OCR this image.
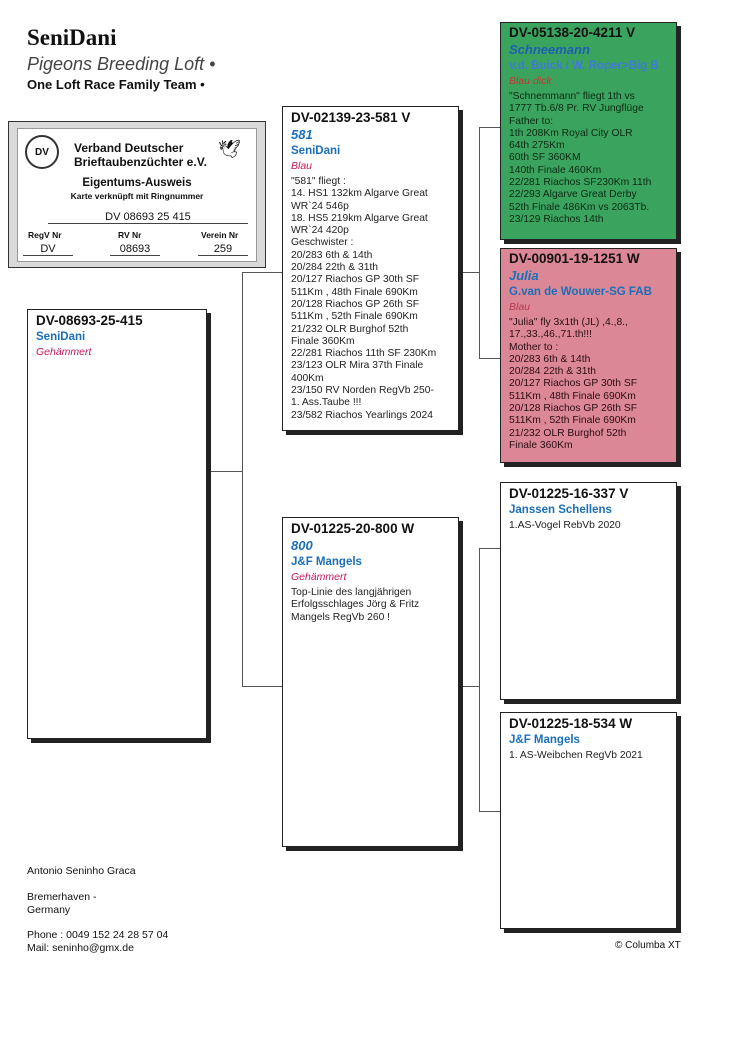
SeniDani
Pigeons Breeding Loft •
One Loft Race Family Team •
DV	🕊
Verband Deutscher
Brieftaubenzüchter e.V.
Eigentums-Ausweis
Karte verknüpft mit Ringnummer
DV 08693 25 415
RegV Nr	RV Nr	Verein Nr
DV	08693	259
DV-08693-25-415
SeniDani
Gehämmert
DV-02139-23-581 V
581
SeniDani
Blau
"581" fliegt :
14. HS1 132km Algarve Great
WR`24 546p
18. HS5 219km Algarve Great
WR`24 420p
Geschwister :
20/283 6th & 14th
20/284 22th & 31th
20/127 Riachos GP 30th SF
511Km , 48th Finale 690Km
20/128 Riachos GP 26th SF
511Km , 52th Finale 690Km
21/232 OLR Burghof 52th
Finale 360Km
22/281 Riachos 11th SF 230Km
23/123 OLR Mira 37th Finale
400Km
23/150 RV Norden RegVb 250-
1. Ass.Taube !!!
23/582 Riachos Yearlings 2024
DV-01225-20-800 W
800
J&F Mangels
Gehämmert
Top-Linie des langjährigen
Erfolgsschlages Jörg & Fritz
Mangels RegVb 260 !
DV-05138-20-4211 V
Schneemann
v.d. Buick / W. Röper>Big B
Blau dick
"Schnemmann" fliegt 1th vs
1777 Tb.6/8 Pr. RV Jungflüge
Father to:
1th 208Km Royal City OLR
64th 275Km
60th SF 360KM
140th Finale 460Km
22/281 Riachos SF230Km 11th
22/293 Algarve Great Derby
52th Finale 486Km vs 2063Tb.
23/129 Riachos 14th
DV-00901-19-1251 W
Julia
G.van de Wouwer-SG FAB
Blau
"Julia" fly 3x1th (JL) ,4.,8.,
17.,33.,46.,71.th!!!
Mother to :
20/283 6th & 14th
20/284 22th & 31th
20/127 Riachos GP 30th SF
511Km , 48th Finale 690Km
20/128 Riachos GP 26th SF
511Km , 52th Finale 690Km
21/232 OLR Burghof 52th
Finale 360Km
DV-01225-16-337 V
Janssen Schellens
1.AS-Vogel RebVb 2020
DV-01225-18-534 W
J&F Mangels
1. AS-Weibchen RegVb 2021
Antonio Seninho Graca
Bremerhaven -
Germany
Phone : 0049 152 24 28 57 04
Mail: seninho@gmx.de	© Columba XT
